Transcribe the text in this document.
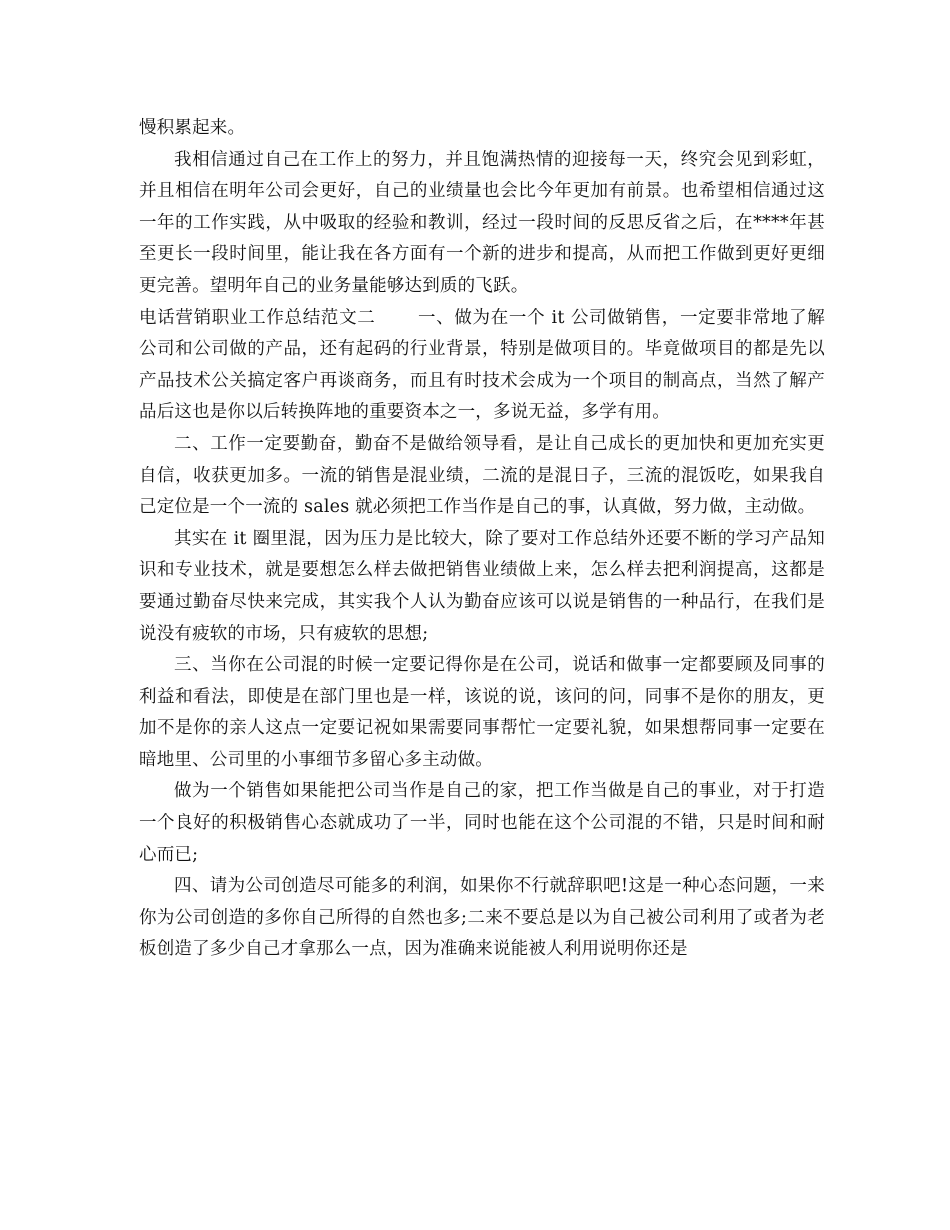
慢积累起来。

我相信通过自己在工作上的努力，并且饱满热情的迎接每一天，终究会见到彩虹，并且相信在明年公司会更好，自己的业绩量也会比今年更加有前景。也希望相信通过这一年的工作实践，从中吸取的经验和教训，经过一段时间的反思反省之后，在****年甚至更长一段时间里，能让我在各方面有一个新的进步和提高，从而把工作做到更好更细更完善。望明年自己的业务量能够达到质的飞跃。

电话营销职业工作总结范文二 一、做为在一个 it 公司做销售，一定要非常地了解公司和公司做的产品，还有起码的行业背景，特别是做项目的。毕竟做项目的都是先以产品技术公关搞定客户再谈商务，而且有时技术会成为一个项目的制高点，当然了解产品后这也是你以后转换阵地的重要资本之一，多说无益，多学有用。

二、工作一定要勤奋，勤奋不是做给领导看，是让自己成长的更加快和更加充实更自信，收获更加多。一流的销售是混业绩，二流的是混日子，三流的混饭吃，如果我自己定位是一个一流的 sales 就必须把工作当作是自己的事，认真做，努力做，主动做。

其实在 it 圈里混，因为压力是比较大，除了要对工作总结外还要不断的学习产品知识和专业技术，就是要想怎么样去做把销售业绩做上来，怎么样去把利润提高，这都是要通过勤奋尽快来完成，其实我个人认为勤奋应该可以说是销售的一种品行，在我们是说没有疲软的市场，只有疲软的思想;

三、当你在公司混的时候一定要记得你是在公司，说话和做事一定都要顾及同事的利益和看法，即使是在部门里也是一样，该说的说，该问的问，同事不是你的朋友，更加不是你的亲人这点一定要记祝如果需要同事帮忙一定要礼貌，如果想帮同事一定要在暗地里、公司里的小事细节多留心多主动做。

做为一个销售如果能把公司当作是自己的家，把工作当做是自己的事业，对于打造一个良好的积极销售心态就成功了一半，同时也能在这个公司混的不错，只是时间和耐心而已;

四、请为公司创造尽可能多的利润，如果你不行就辞职吧!这是一种心态问题，一来你为公司创造的多你自己所得的自然也多;二来不要总是以为自己被公司利用了或者为老板创造了多少自己才拿那么一点，因为准确来说能被人利用说明你还是
